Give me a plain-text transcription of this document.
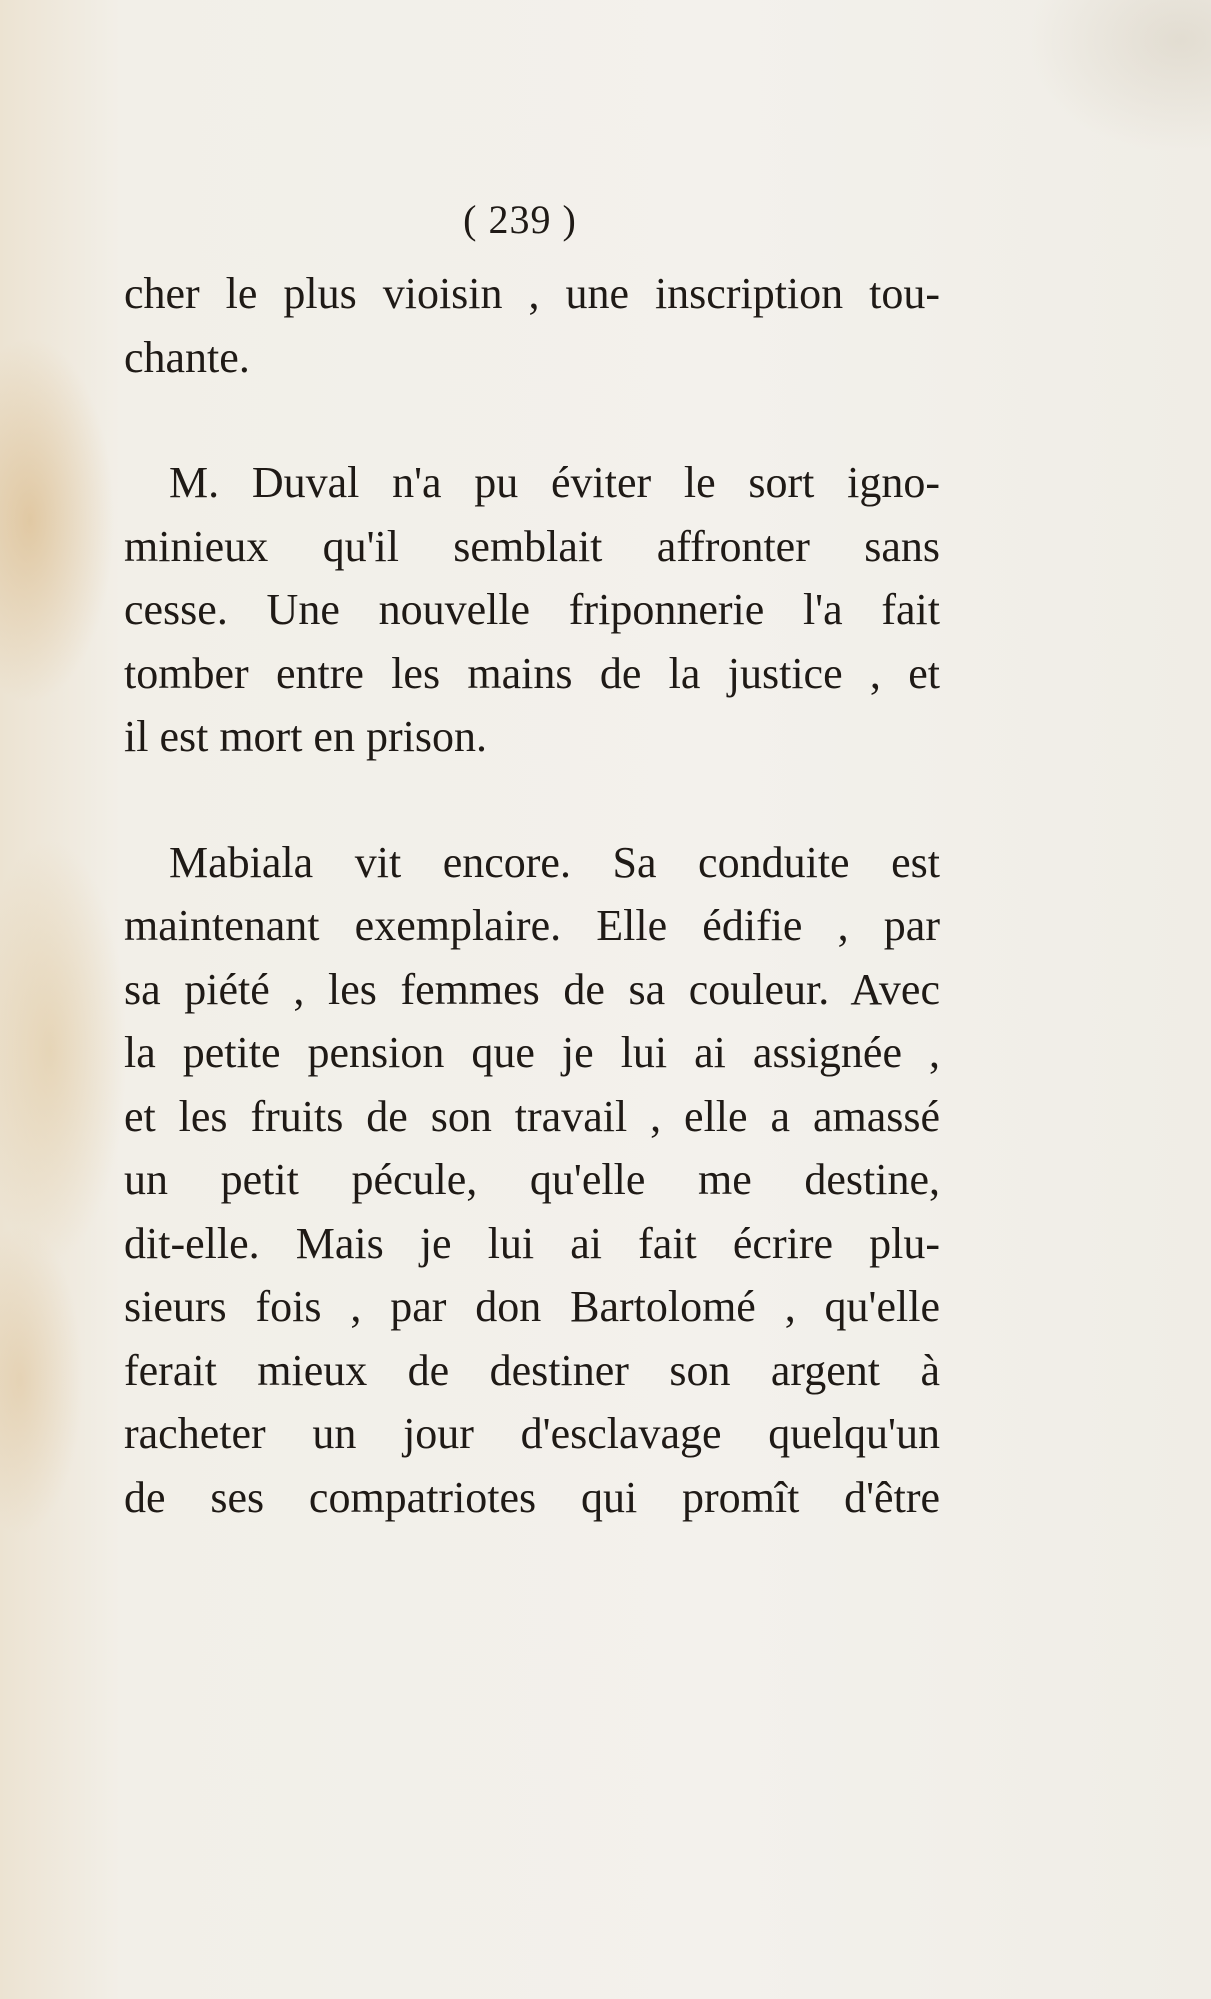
( 239 )
cher le plus vioisin , une inscription tou-
chante.
M. Duval n'a pu éviter le sort igno-
minieux qu'il semblait affronter sans
cesse. Une nouvelle friponnerie l'a fait
tomber entre les mains de la justice , et
il est mort en prison.
Mabiala vit encore. Sa conduite est
maintenant exemplaire. Elle édifie , par
sa piété , les femmes de sa couleur. Avec
la petite pension que je lui ai assignée ,
et les fruits de son travail , elle a amassé
un petit pécule, qu'elle me destine,
dit-elle. Mais je lui ai fait écrire plu-
sieurs fois , par don Bartolomé , qu'elle
ferait mieux de destiner son argent à
racheter un jour d'esclavage quelqu'un
de ses compatriotes qui promît d'être
